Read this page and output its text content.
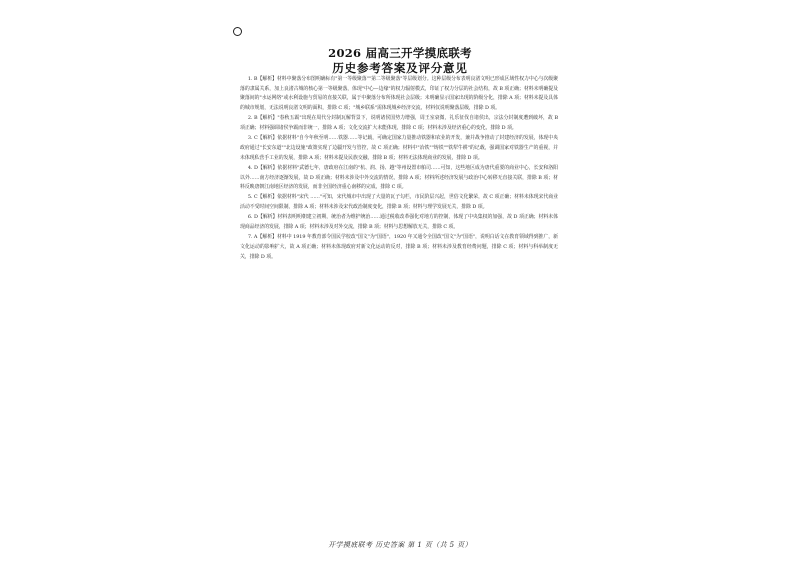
2026 届高三开学摸底联考
历史参考答案及评分意见

1. B【解析】材料中聚落分布图明确标有"第一等级聚落""第二等级聚落"等层级划分。这种层级分布表明良渚文明已形成区域性权力中心与次级聚落的隶属关系，加上良渚古城的核心第一等级聚落，体现"中心—边缘"的权力辐射模式，印证了权力分层的社会结构，故 B 项正确；材料未明确提及聚落间的"水运网络"或水利设施与贸易的直接关联，属于中聚落分布所体现社会层级；未明确显示国家出现的阶级分化，排除 A 项；材料未提及具体的城市规划，无法说明良渚文明的面积，排除 C 项；"城乡联系"需体现城乡经济交流，材料仅说明聚落层级，排除 D 项。

2. B【解析】"春秋五霸"出现在周代分封制瓦解背景下，说明诸侯国势力增强，周王室衰微，礼乐征伐自诸侯出，宗法分封制度遭到破坏，故 B 项正确；材料强调诸侯争霸而非统一，排除 A 项；文化交流扩大未能体现，排除 C 项；材料未涉及经济重心的变化，排除 D 项。

3. C【解析】依据材料"自今年秋至明……铁器……等记载，可确定国家力量推动铁器和农业的开发，兼并战争推动了封建经济的发展，体现中央政府通过"长安东道""北边设施"政策实现了边疆开发与管控，故 C 项正确；材料中"冶铁""铸铁""铁犁牛耕"的记载，强调国家对铁器生产的重视，并未体现私营手工业的发展，排除 A 项；材料未提及民族交融，排除 B 项；材料无法体现商业的发展，排除 D 项。

4. D【解析】依据材料"武德七年，唐政府在江南的"杭、润、扬、越"等州设置市舶司……可知，这些地区成为唐代重要的商业中心，长安和洛阳以外……南方经济逐渐发展，故 D 项正确；材料未涉及中外交流的情况，排除 A 项；材料所述经济发展与政治中心转移无直接关联，排除 B 项；材料反映唐朝江南地区经济的发展，而非全国经济重心南移的完成，排除 C 项。

5. C【解析】依据材料"宋代 ……"可知，宋代城市中出现了大量的瓦子勾栏，市民阶层兴起，世俗文化繁荣，故 C 项正确；材料未体现宋代商业活动不受时间空间限制，排除 A 项；材料未涉及宋代政治制度变化，排除 B 项；材料与理学发展无关，排除 D 项。

6. D【解析】材料表明明朝建立初期，统治者为维护统治……通过税收改革强化对地方的控制，体现了中央集权的加强，故 D 项正确；材料未体现商品经济的发展，排除 A 项；材料未涉及对外交流，排除 B 项；材料与思想解放无关，排除 C 项。

7. A【解析】材料中 1919 年教育部令国民学校改"国文"为"国语"，1920 年又通令全国改"国文"为"国语"，说明白话文在教育领域得到推广，新文化运动的影响扩大，故 A 项正确；材料未体现政府对新文化运动的反对，排除 B 项；材料未涉及教育经费问题，排除 C 项；材料与科举制度无关，排除 D 项。

开学摸底联考 历史答案 第 1 页（共 5 页）
